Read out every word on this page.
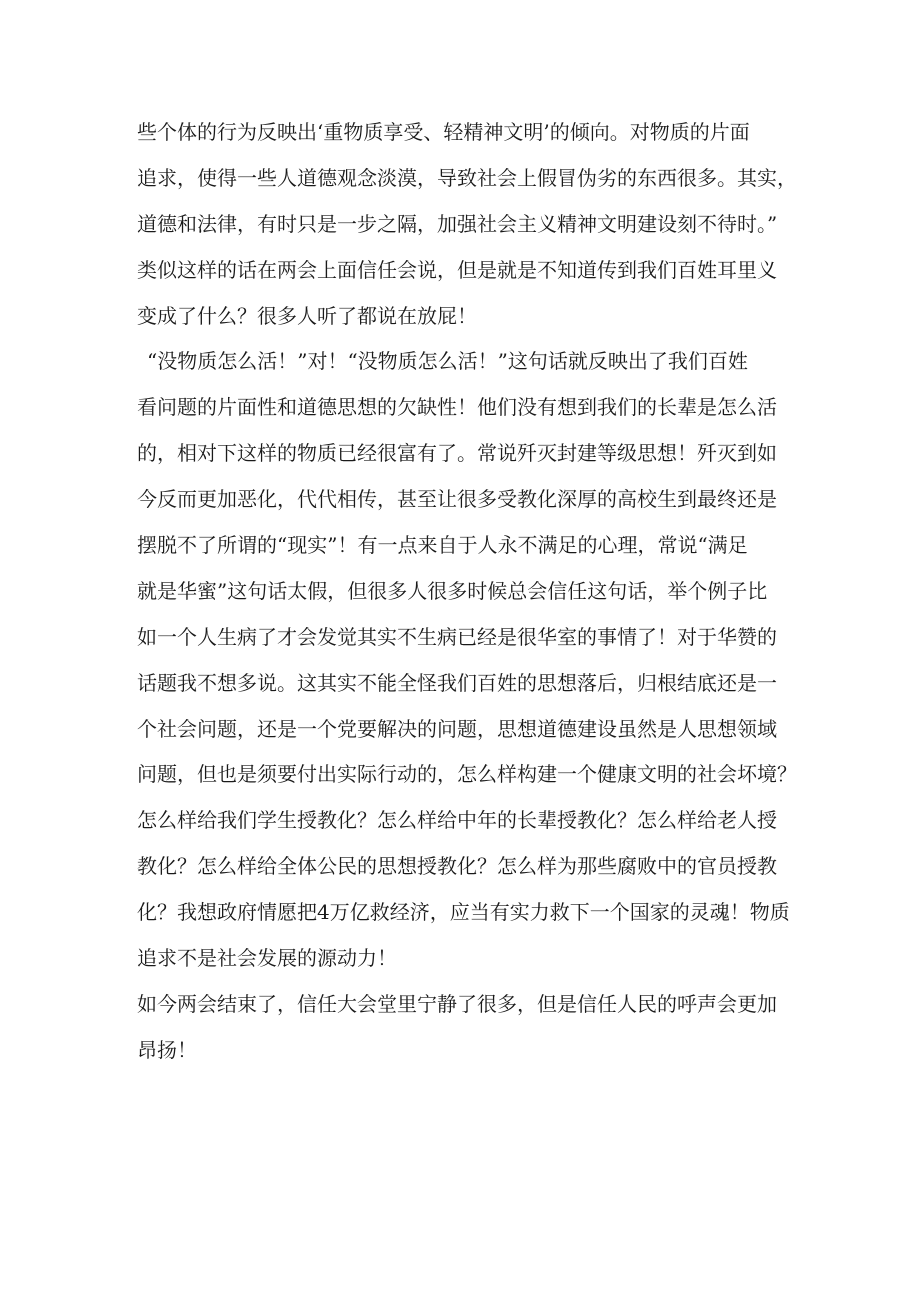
些个体的行为反映出‘重物质享受、轻精神文明’的倾向。对物质的片面
追求，使得一些人道德观念淡漠，导致社会上假冒伪劣的东西很多。其实，
道德和法律，有时只是一步之隔，加强社会主义精神文明建设刻不待时。”
类似这样的话在两会上面信任会说，但是就是不知道传到我们百姓耳里义
变成了什么？很多人听了都说在放屁！
“没物质怎么活！”对！“没物质怎么活！”这句话就反映出了我们百姓
看问题的片面性和道德思想的欠缺性！他们没有想到我们的长辈是怎么活
的，相对下这样的物质已经很富有了。常说歼灭封建等级思想！歼灭到如
今反而更加恶化，代代相传，甚至让很多受教化深厚的高校生到最终还是
摆脱不了所谓的“现实”！有一点来自于人永不满足的心理，常说“满足
就是华蜜”这句话太假，但很多人很多时候总会信任这句话，举个例子比
如一个人生病了才会发觉其实不生病已经是很华室的事情了！对于华赞的
话题我不想多说。这其实不能全怪我们百姓的思想落后，归根结底还是一
个社会问题，还是一个党要解决的问题，思想道德建设虽然是人思想领域
问题，但也是须要付出实际行动的，怎么样构建一个健康文明的社会坏境？
怎么样给我们学生授教化？怎么样给中年的长辈授教化？怎么样给老人授
教化？怎么样给全体公民的思想授教化？怎么样为那些腐败中的官员授教
化？我想政府情愿把4万亿救经济，应当有实力救下一个国家的灵魂！物质
追求不是社会发展的源动力！
如今两会结束了，信任大会堂里宁静了很多，但是信任人民的呼声会更加
昂扬！
